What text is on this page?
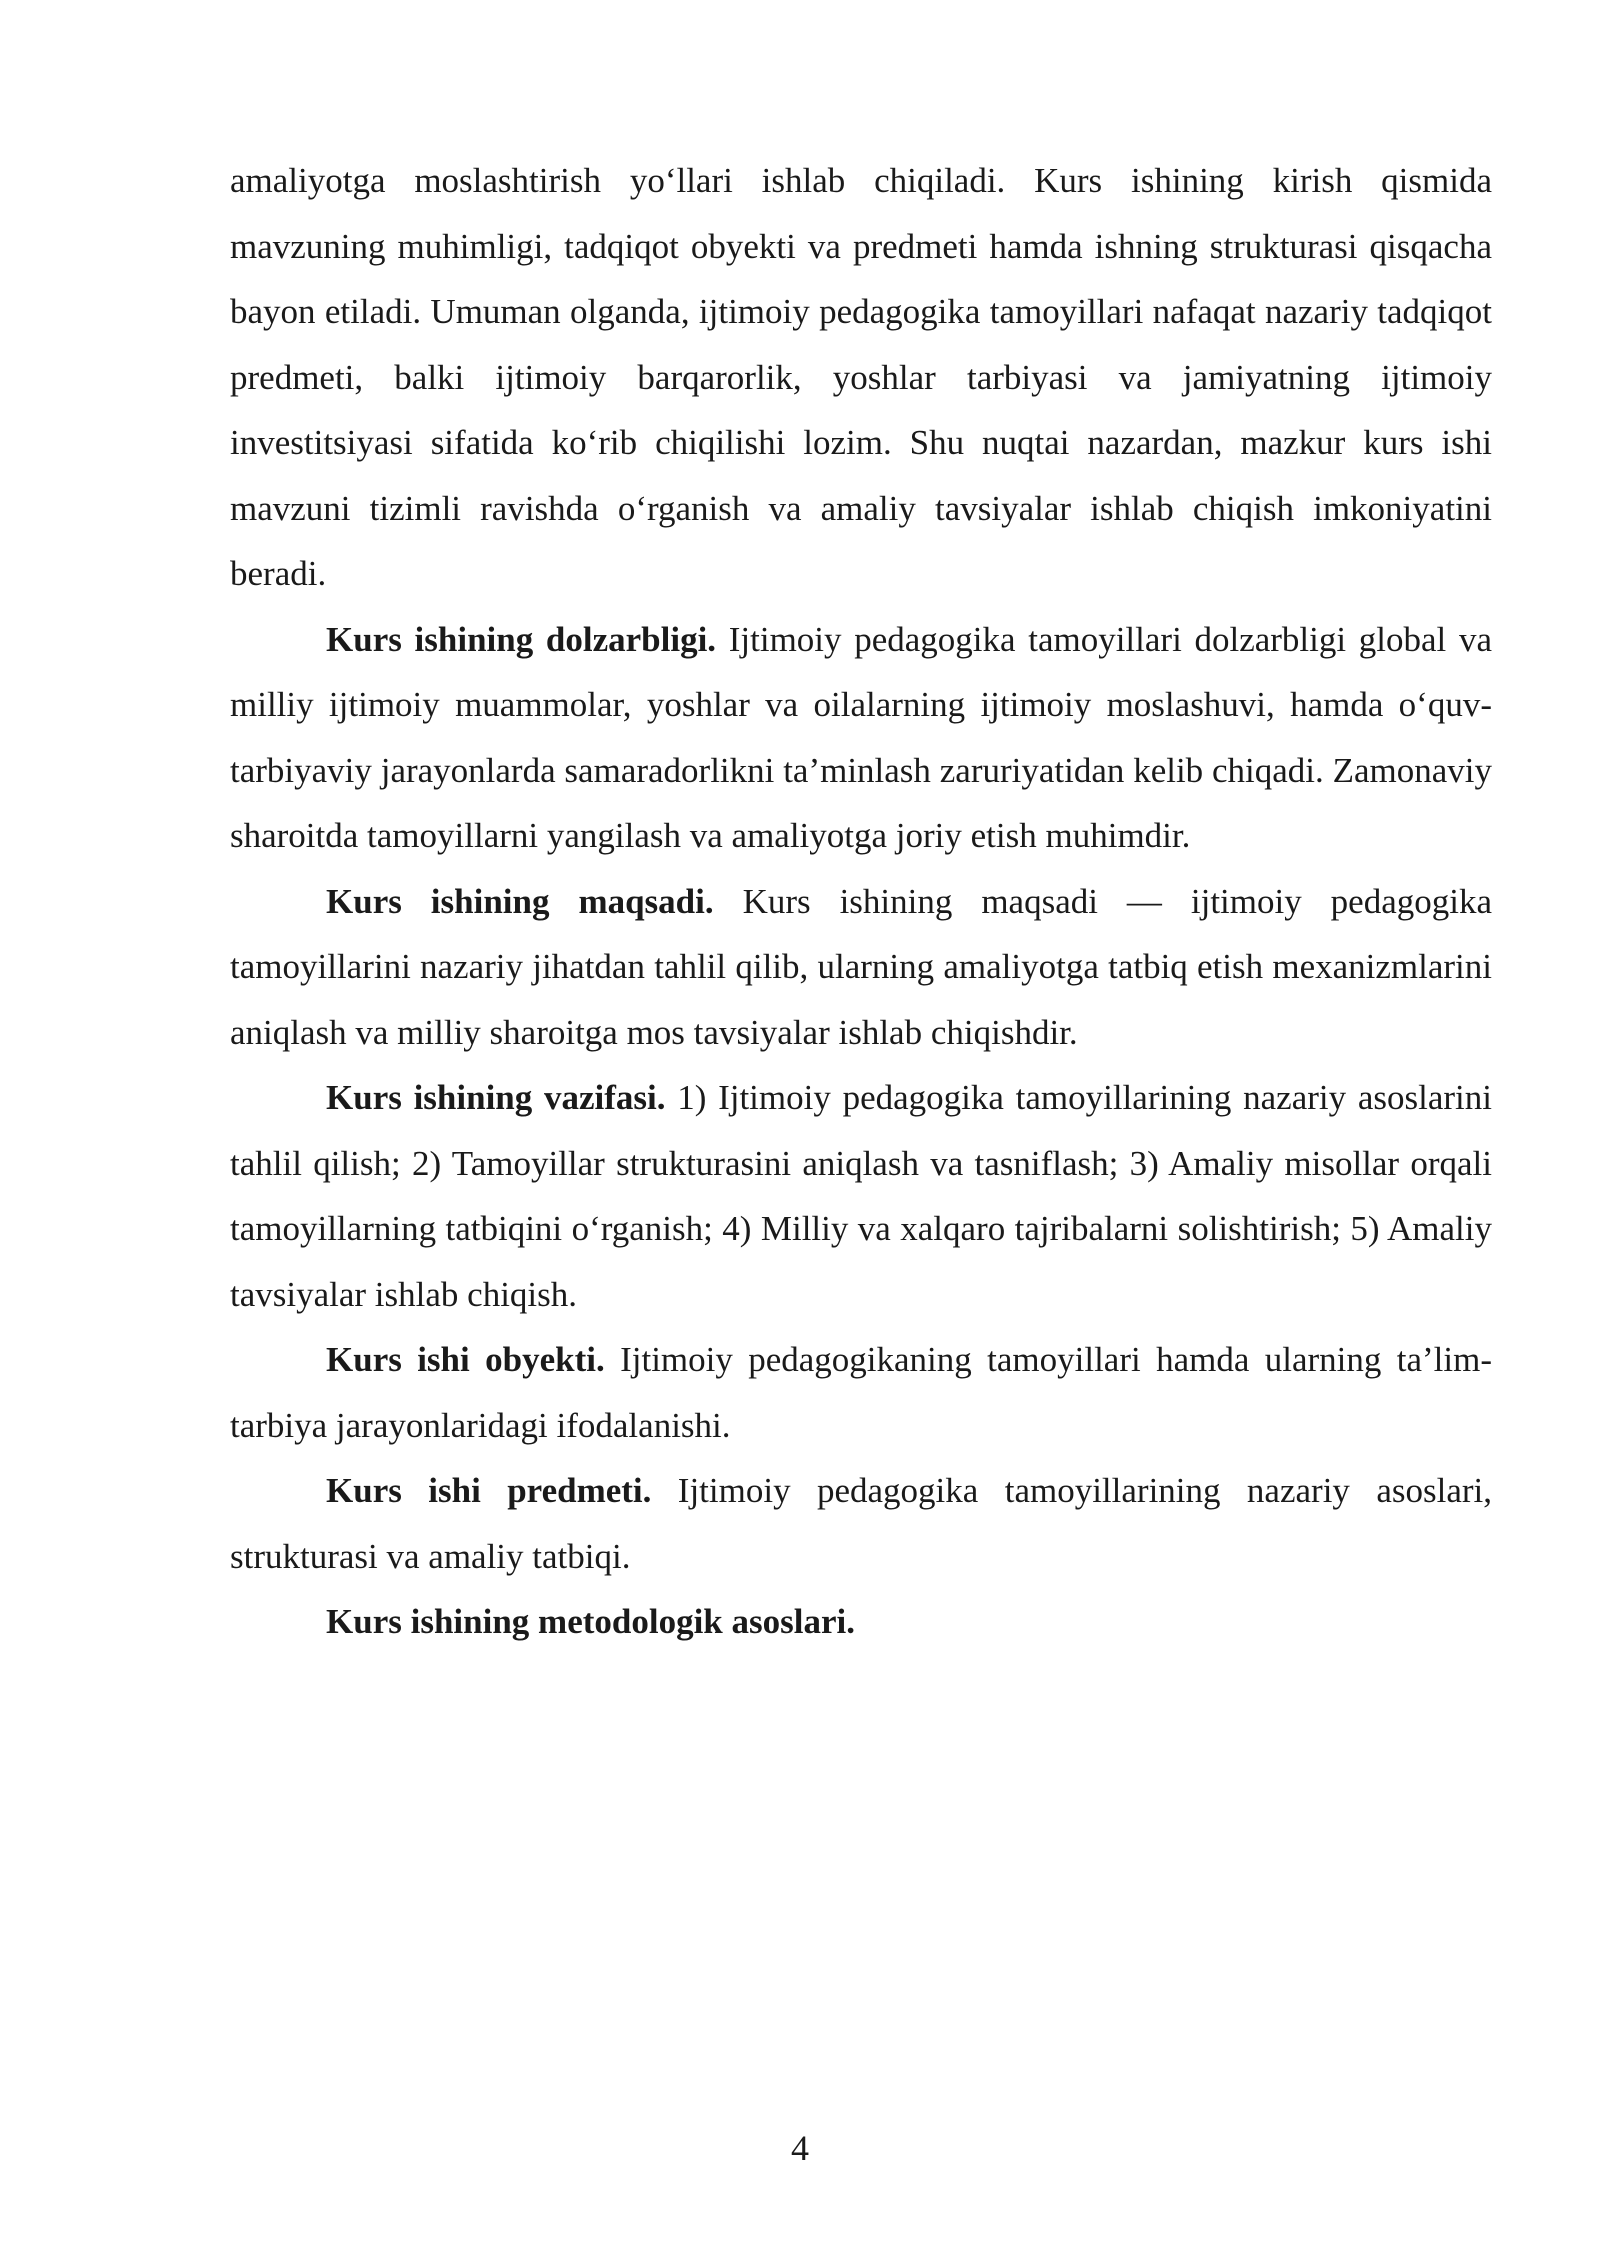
amaliyotga moslashtirish yo‘llari ishlab chiqiladi. Kurs ishining kirish qismida mavzuning muhimligi, tadqiqot obyekti va predmeti hamda ishning strukturasi qisqacha bayon etiladi. Umuman olganda, ijtimoiy pedagogika tamoyillari nafaqat nazariy tadqiqot predmeti, balki ijtimoiy barqarorlik, yoshlar tarbiyasi va jamiyatning ijtimoiy investitsiyasi sifatida ko‘rib chiqilishi lozim. Shu nuqtai nazardan, mazkur kurs ishi mavzuni tizimli ravishda o‘rganish va amaliy tavsiyalar ishlab chiqish imkoniyatini beradi.

Kurs ishining dolzarbligi. Ijtimoiy pedagogika tamoyillari dolzarbligi global va milliy ijtimoiy muammolar, yoshlar va oilalarning ijtimoiy moslashuvi, hamda o‘quv-tarbiyaviy jarayonlarda samaradorlikni ta’minlash zaruriyatidan kelib chiqadi. Zamonaviy sharoitda tamoyillarni yangilash va amaliyotga joriy etish muhimdir.

Kurs ishining maqsadi. Kurs ishining maqsadi — ijtimoiy pedagogika tamoyillarini nazariy jihatdan tahlil qilib, ularning amaliyotga tatbiq etish mexanizmlarini aniqlash va milliy sharoitga mos tavsiyalar ishlab chiqishdir.

Kurs ishining vazifasi. 1) Ijtimoiy pedagogika tamoyillarining nazariy asoslarini tahlil qilish; 2) Tamoyillar strukturasini aniqlash va tasniflash; 3) Amaliy misollar orqali tamoyillarning tatbiqini o‘rganish; 4) Milliy va xalqaro tajribalarni solishtirish; 5) Amaliy tavsiyalar ishlab chiqish.

Kurs ishi obyekti. Ijtimoiy pedagogikaning tamoyillari hamda ularning ta’lim-tarbiya jarayonlaridagi ifodalanishi.

Kurs ishi predmeti. Ijtimoiy pedagogika tamoyillarining nazariy asoslari, strukturasi va amaliy tatbiqi.

Kurs ishining metodologik asoslari.

4
